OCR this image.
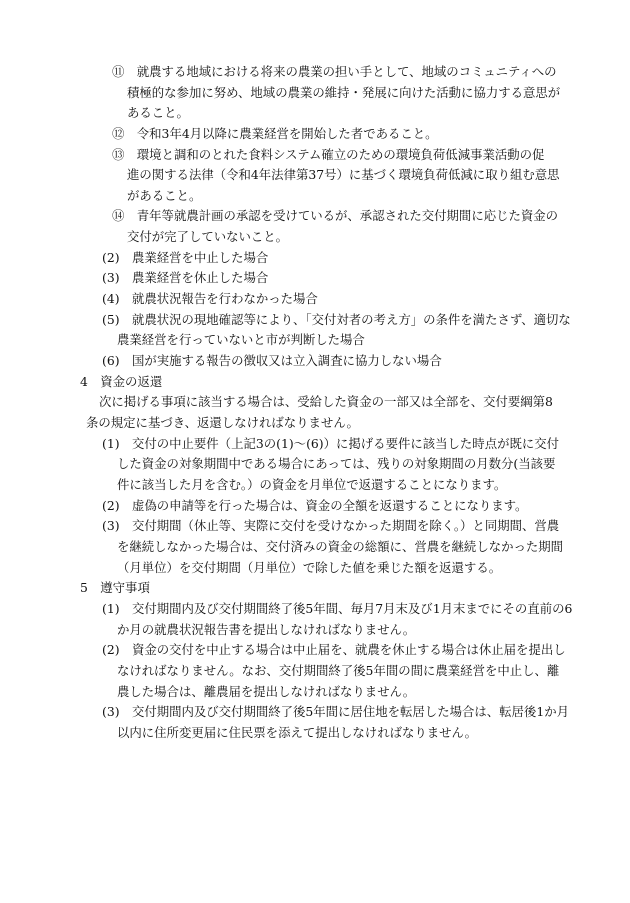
⑪　就農する地域における将来の農業の担い手として、地域のコミュニティへの
積極的な参加に努め、地域の農業の維持・発展に向けた活動に協力する意思が
あること。
⑫　令和3年4月以降に農業経営を開始した者であること。
⑬　環境と調和のとれた食料システム確立のための環境負荷低減事業活動の促
進の関する法律（令和4年法律第37号）に基づく環境負荷低減に取り組む意思
があること。
⑭　青年等就農計画の承認を受けているが、承認された交付期間に応じた資金の
交付が完了していないこと。
(2)　農業経営を中止した場合
(3)　農業経営を休止した場合
(4)　就農状況報告を行わなかった場合
(5)　就農状況の現地確認等により、「交付対者の考え方」の条件を満たさず、適切な
農業経営を行っていないと市が判断した場合
(6)　国が実施する報告の徴収又は立入調査に協力しない場合
4　資金の返還
次に掲げる事項に該当する場合は、受給した資金の一部又は全部を、交付要綱第8
条の規定に基づき、返還しなければなりません。
(1)　交付の中止要件（上記3の(1)～(6)）に掲げる要件に該当した時点が既に交付
した資金の対象期間中である場合にあっては、残りの対象期間の月数分(当該要
件に該当した月を含む。）の資金を月単位で返還することになります。
(2)　虚偽の申請等を行った場合は、資金の全額を返還することになります。
(3)　交付期間（休止等、実際に交付を受けなかった期間を除く。）と同期間、営農
を継続しなかった場合は、交付済みの資金の総額に、営農を継続しなかった期間
（月単位）を交付期間（月単位）で除した値を乗じた額を返還する。
5　遵守事項
(1)　交付期間内及び交付期間終了後5年間、毎月7月末及び1月末までにその直前の6
か月の就農状況報告書を提出しなければなりません。
(2)　資金の交付を中止する場合は中止届を、就農を休止する場合は休止届を提出し
なければなりません。なお、交付期間終了後5年間の間に農業経営を中止し、離
農した場合は、離農届を提出しなければなりません。
(3)　交付期間内及び交付期間終了後5年間に居住地を転居した場合は、転居後1か月
以内に住所変更届に住民票を添えて提出しなければなりません。
